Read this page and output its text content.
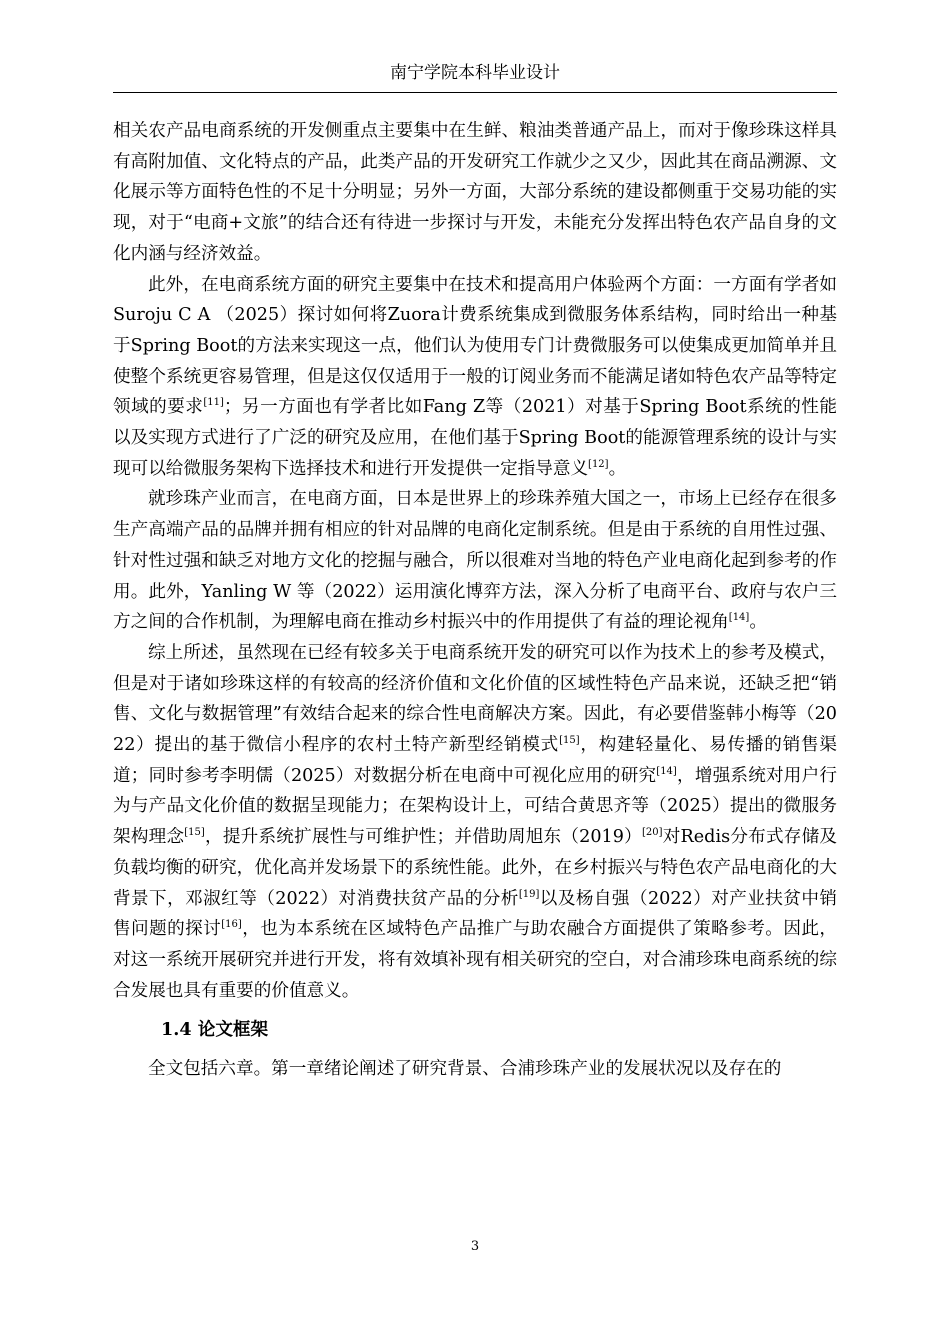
南宁学院本科毕业设计

相关农产品电商系统的开发侧重点主要集中在生鲜、粮油类普通产品上，而对于像珍珠这样具有高附加值、文化特点的产品，此类产品的开发研究工作就少之又少，因此其在商品溯源、文化展示等方面特色性的不足十分明显；另外一方面，大部分系统的建设都侧重于交易功能的实现，对于“电商+文旅”的结合还有待进一步探讨与开发，未能充分发挥出特色农产品自身的文化内涵与经济效益。

此外，在电商系统方面的研究主要集中在技术和提高用户体验两个方面：一方面有学者如Suroju C A （2025）探讨如何将Zuora计费系统集成到微服务体系结构，同时给出一种基于Spring Boot的方法来实现这一点，他们认为使用专门计费微服务可以使集成更加简单并且使整个系统更容易管理，但是这仅仅适用于一般的订阅业务而不能满足诸如特色农产品等特定领域的要求[11]；另一方面也有学者比如Fang Z等（2021）对基于Spring Boot系统的性能以及实现方式进行了广泛的研究及应用，在他们基于Spring Boot的能源管理系统的设计与实现可以给微服务架构下选择技术和进行开发提供一定指导意义[12]。

就珍珠产业而言，在电商方面，日本是世界上的珍珠养殖大国之一，市场上已经存在很多生产高端产品的品牌并拥有相应的针对品牌的电商化定制系统。但是由于系统的自用性过强、针对性过强和缺乏对地方文化的挖掘与融合，所以很难对当地的特色产业电商化起到参考的作用。此外，Yanling W 等（2022）运用演化博弈方法，深入分析了电商平台、政府与农户三方之间的合作机制，为理解电商在推动乡村振兴中的作用提供了有益的理论视角[14]。

综上所述，虽然现在已经有较多关于电商系统开发的研究可以作为技术上的参考及模式，但是对于诸如珍珠这样的有较高的经济价值和文化价值的区域性特色产品来说，还缺乏把“销售、文化与数据管理”有效结合起来的综合性电商解决方案。因此，有必要借鉴韩小梅等（2022）提出的基于微信小程序的农村土特产新型经销模式[15]，构建轻量化、易传播的销售渠道；同时参考李明儒（2025）对数据分析在电商中可视化应用的研究[14]，增强系统对用户行为与产品文化价值的数据呈现能力；在架构设计上，可结合黄思齐等（2025）提出的微服务架构理念[15]，提升系统扩展性与可维护性；并借助周旭东（2019）[20]对Redis分布式存储及负载均衡的研究，优化高并发场景下的系统性能。此外，在乡村振兴与特色农产品电商化的大背景下，邓淑红等（2022）对消费扶贫产品的分析[19]以及杨自强（2022）对产业扶贫中销售问题的探讨[16]，也为本系统在区域特色产品推广与助农融合方面提供了策略参考。因此，对这一系统开展研究并进行开发，将有效填补现有相关研究的空白，对合浦珍珠电商系统的综合发展也具有重要的价值意义。

1.4 论文框架

全文包括六章。第一章绪论阐述了研究背景、合浦珍珠产业的发展状况以及存在的

3
